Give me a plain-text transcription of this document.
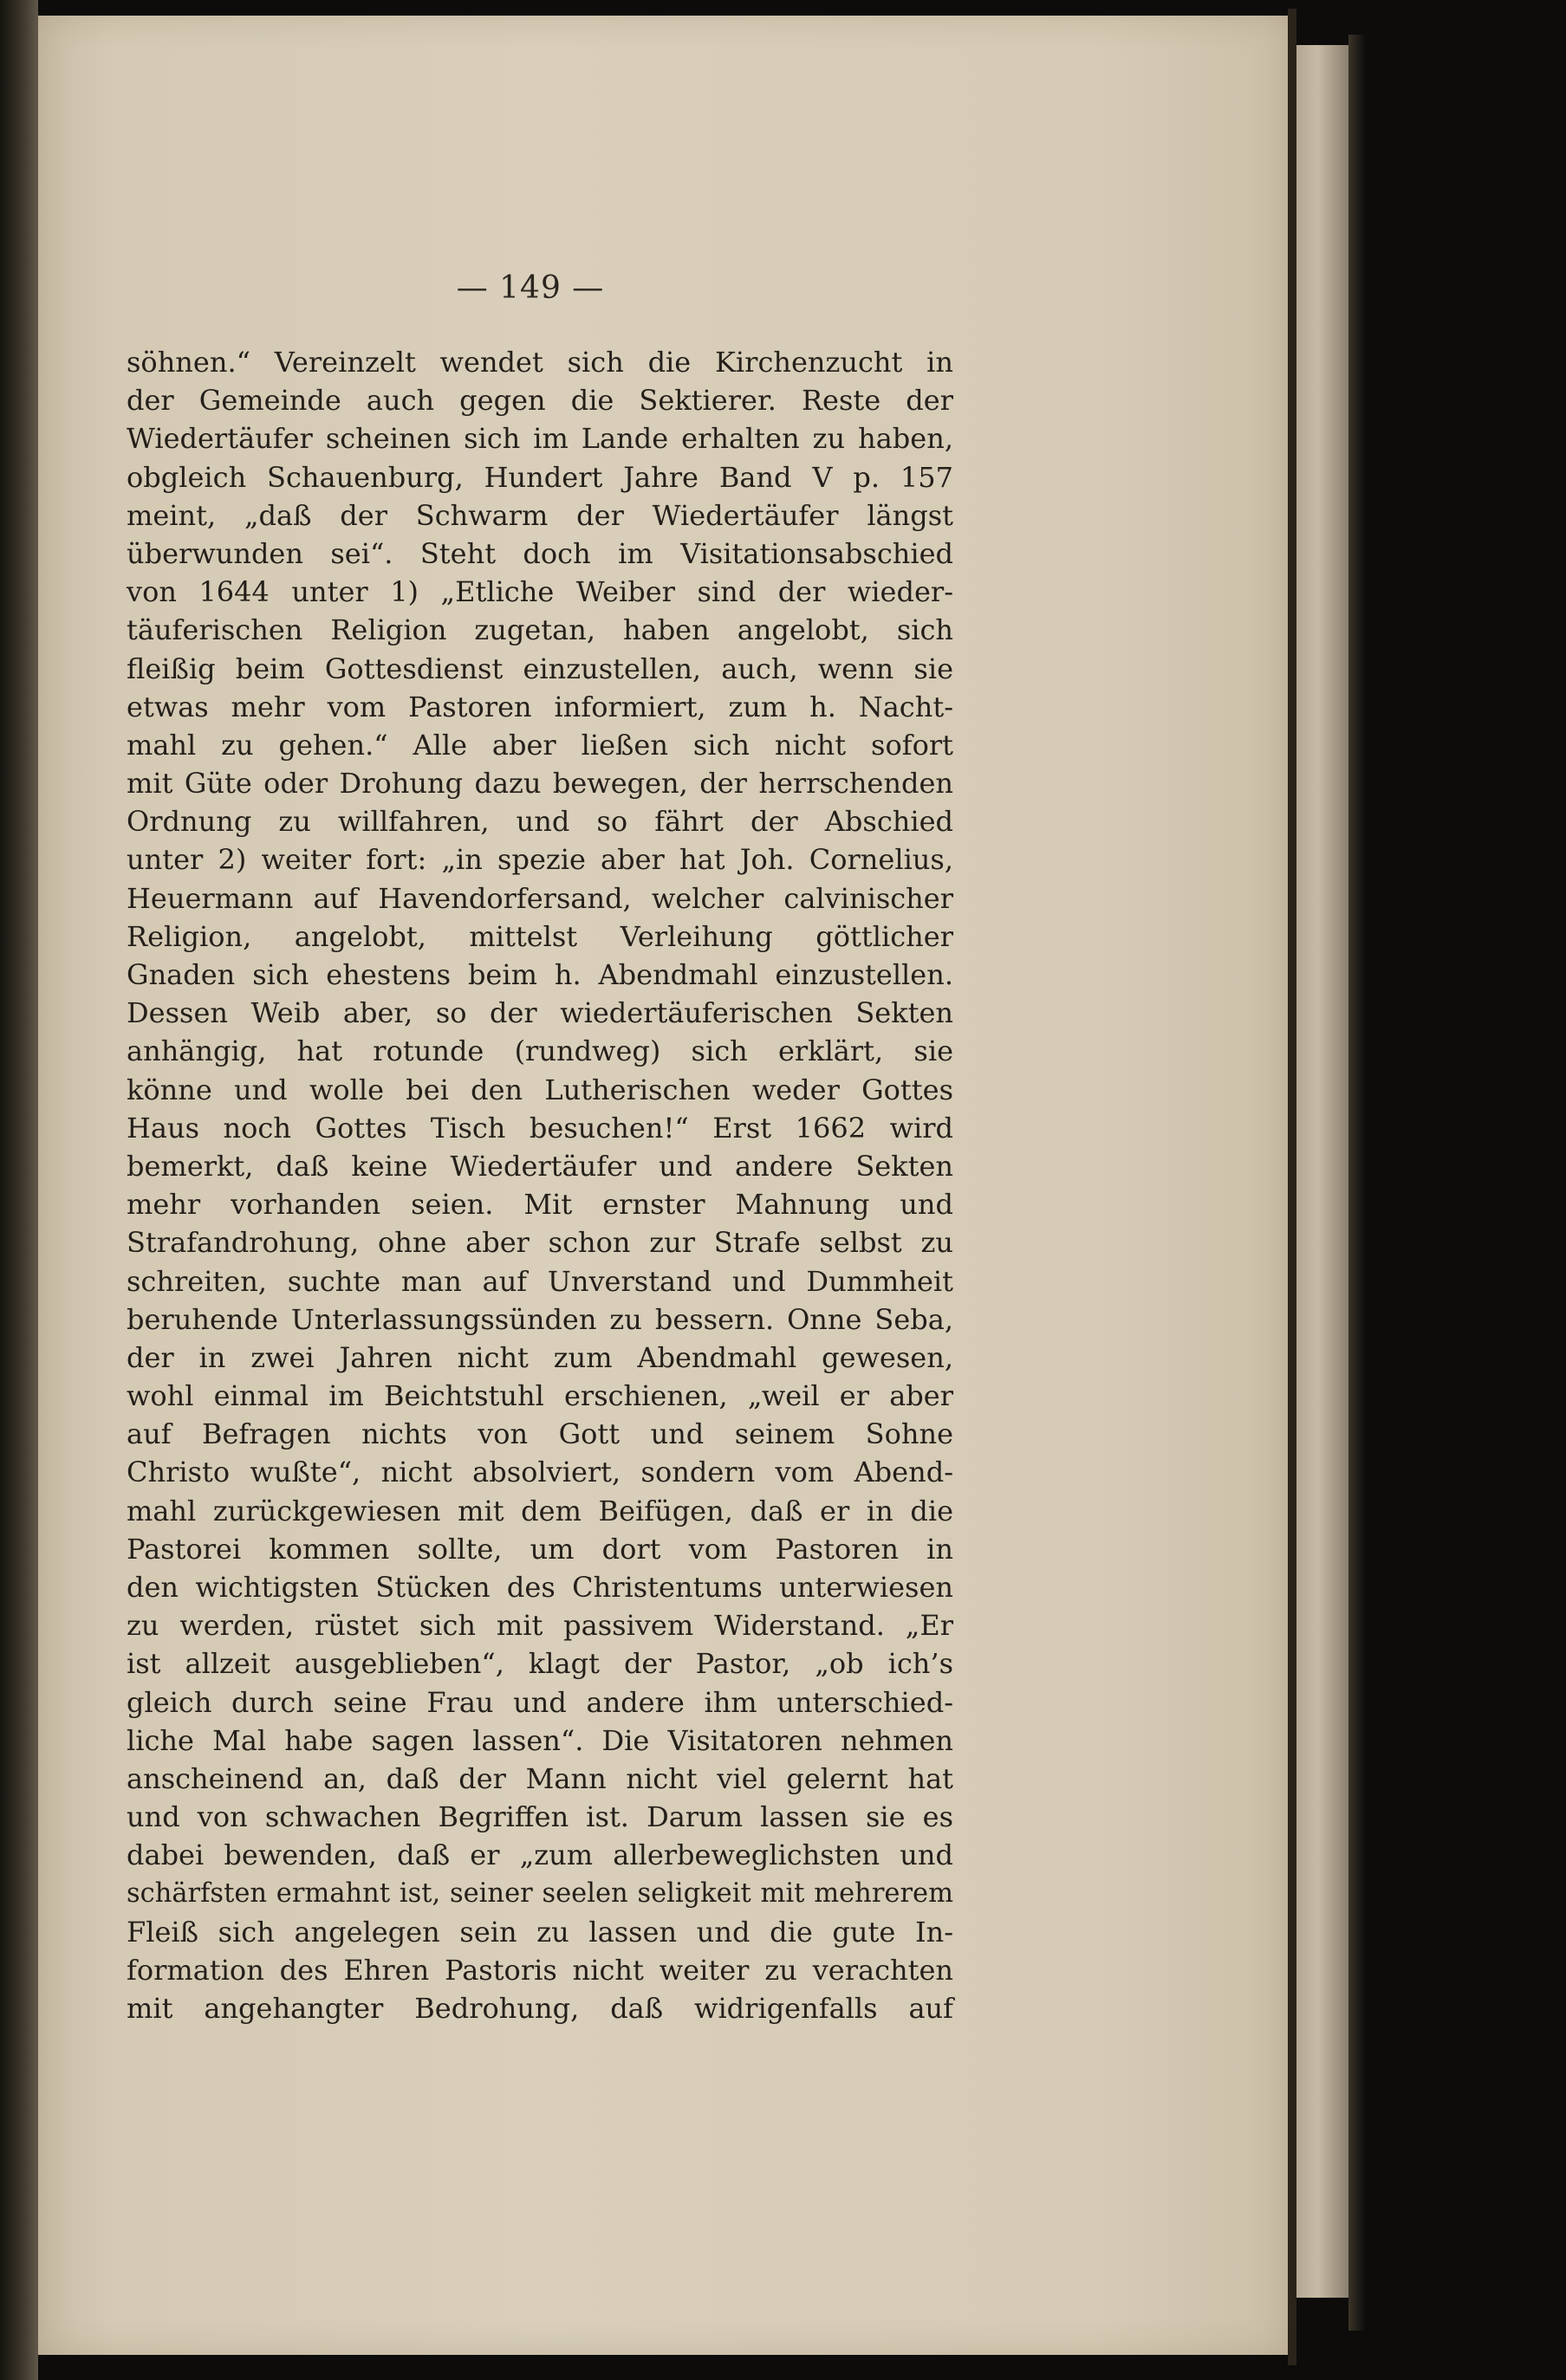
— 149 —
söhnen.“ Vereinzelt wendet sich die Kirchenzucht in
der Gemeinde auch gegen die Sektierer. Reste der
Wiedertäufer scheinen sich im Lande erhalten zu haben,
obgleich Schauenburg, Hundert Jahre Band V p. 157
meint, „daß der Schwarm der Wiedertäufer längst
überwunden sei“. Steht doch im Visitationsabschied
von 1644 unter 1) „Etliche Weiber sind der wieder-
täuferischen Religion zugetan, haben angelobt, sich
fleißig beim Gottesdienst einzustellen, auch, wenn sie
etwas mehr vom Pastoren informiert, zum h. Nacht-
mahl zu gehen.“ Alle aber ließen sich nicht sofort
mit Güte oder Drohung dazu bewegen, der herrschenden
Ordnung zu willfahren, und so fährt der Abschied
unter 2) weiter fort: „in spezie aber hat Joh. Cornelius,
Heuermann auf Havendorfersand, welcher calvinischer
Religion, angelobt, mittelst Verleihung göttlicher
Gnaden sich ehestens beim h. Abendmahl einzustellen.
Dessen Weib aber, so der wiedertäuferischen Sekten
anhängig, hat rotunde (rundweg) sich erklärt, sie
könne und wolle bei den Lutherischen weder Gottes
Haus noch Gottes Tisch besuchen!“ Erst 1662 wird
bemerkt, daß keine Wiedertäufer und andere Sekten
mehr vorhanden seien. Mit ernster Mahnung und
Strafandrohung, ohne aber schon zur Strafe selbst zu
schreiten, suchte man auf Unverstand und Dummheit
beruhende Unterlassungssünden zu bessern. Onne Seba,
der in zwei Jahren nicht zum Abendmahl gewesen,
wohl einmal im Beichtstuhl erschienen, „weil er aber
auf Befragen nichts von Gott und seinem Sohne
Christo wußte“, nicht absolviert, sondern vom Abend-
mahl zurückgewiesen mit dem Beifügen, daß er in die
Pastorei kommen sollte, um dort vom Pastoren in
den wichtigsten Stücken des Christentums unterwiesen
zu werden, rüstet sich mit passivem Widerstand. „Er
ist allzeit ausgeblieben“, klagt der Pastor, „ob ich’s
gleich durch seine Frau und andere ihm unterschied-
liche Mal habe sagen lassen“. Die Visitatoren nehmen
anscheinend an, daß der Mann nicht viel gelernt hat
und von schwachen Begriffen ist. Darum lassen sie es
dabei bewenden, daß er „zum allerbeweglichsten und
schärfsten ermahnt ist, seiner seelen seligkeit mit mehrerem
Fleiß sich angelegen sein zu lassen und die gute In-
formation des Ehren Pastoris nicht weiter zu verachten
mit angehangter Bedrohung, daß widrigenfalls auf
